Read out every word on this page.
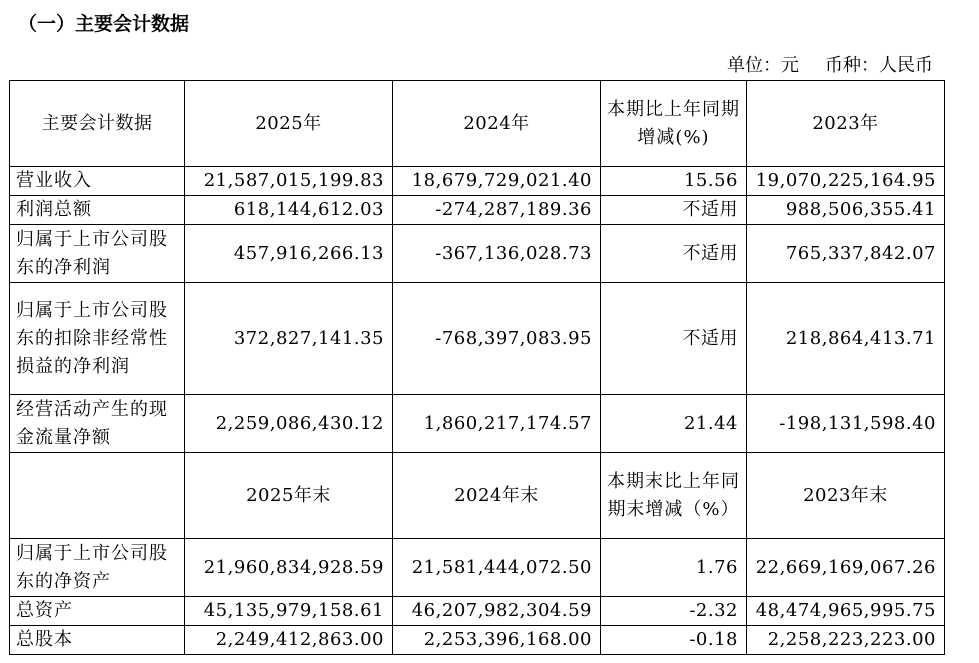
（一）主要会计数据
单位：元 币种：人民币
主要会计数据	2025年	2024年	本期比上年同期增减(%)	2023年
营业收入	21,587,015,199.83	18,679,729,021.40	15.56	19,070,225,164.95
利润总额	618,144,612.03	-274,287,189.36	不适用	988,506,355.41
归属于上市公司股东的净利润	457,916,266.13	-367,136,028.73	不适用	765,337,842.07
归属于上市公司股东的扣除非经常性损益的净利润	372,827,141.35	-768,397,083.95	不适用	218,864,413.71
经营活动产生的现金流量净额	2,259,086,430.12	1,860,217,174.57	21.44	-198,131,598.40
	2025年末	2024年末	本期末比上年同期末增减（%）	2023年末
归属于上市公司股东的净资产	21,960,834,928.59	21,581,444,072.50	1.76	22,669,169,067.26
总资产	45,135,979,158.61	46,207,982,304.59	-2.32	48,474,965,995.75
总股本	2,249,412,863.00	2,253,396,168.00	-0.18	2,258,223,223.00
